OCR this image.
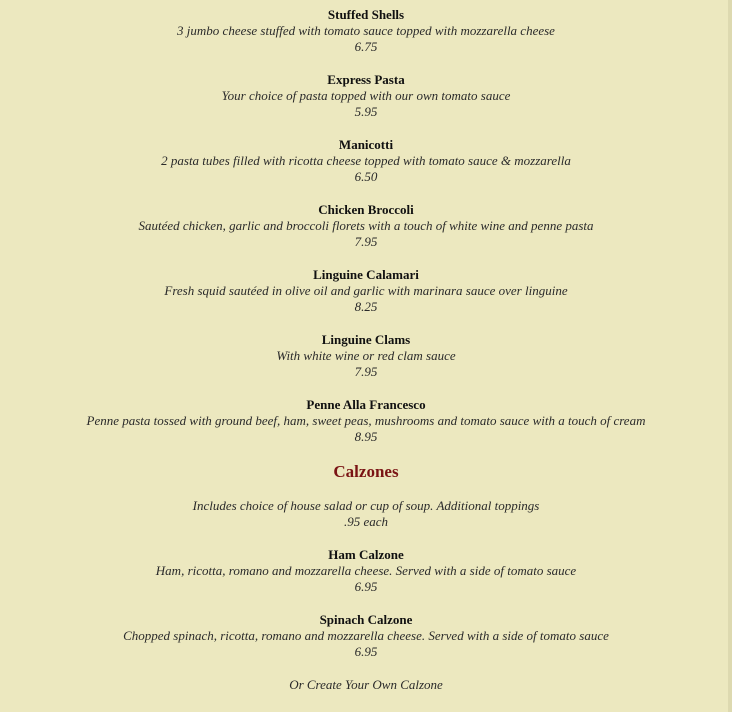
Stuffed Shells
3 jumbo cheese stuffed with tomato sauce topped with mozzarella cheese
6.75
Express Pasta
Your choice of pasta topped with our own tomato sauce
5.95
Manicotti
2 pasta tubes filled with ricotta cheese topped with tomato sauce & mozzarella
6.50
Chicken Broccoli
Sautéed chicken, garlic and broccoli florets with a touch of white wine and penne pasta
7.95
Linguine Calamari
Fresh squid sautéed in olive oil and garlic with marinara sauce over linguine
8.25
Linguine Clams
With white wine or red clam sauce
7.95
Penne Alla Francesco
Penne pasta tossed with ground beef, ham, sweet peas, mushrooms and tomato sauce with a touch of cream
8.95
Calzones
Includes choice of house salad or cup of soup. Additional toppings
.95 each
Ham Calzone
Ham, ricotta, romano and mozzarella cheese. Served with a side of tomato sauce
6.95
Spinach Calzone
Chopped spinach, ricotta, romano and mozzarella cheese. Served with a side of tomato sauce
6.95
Or Create Your Own Calzone
